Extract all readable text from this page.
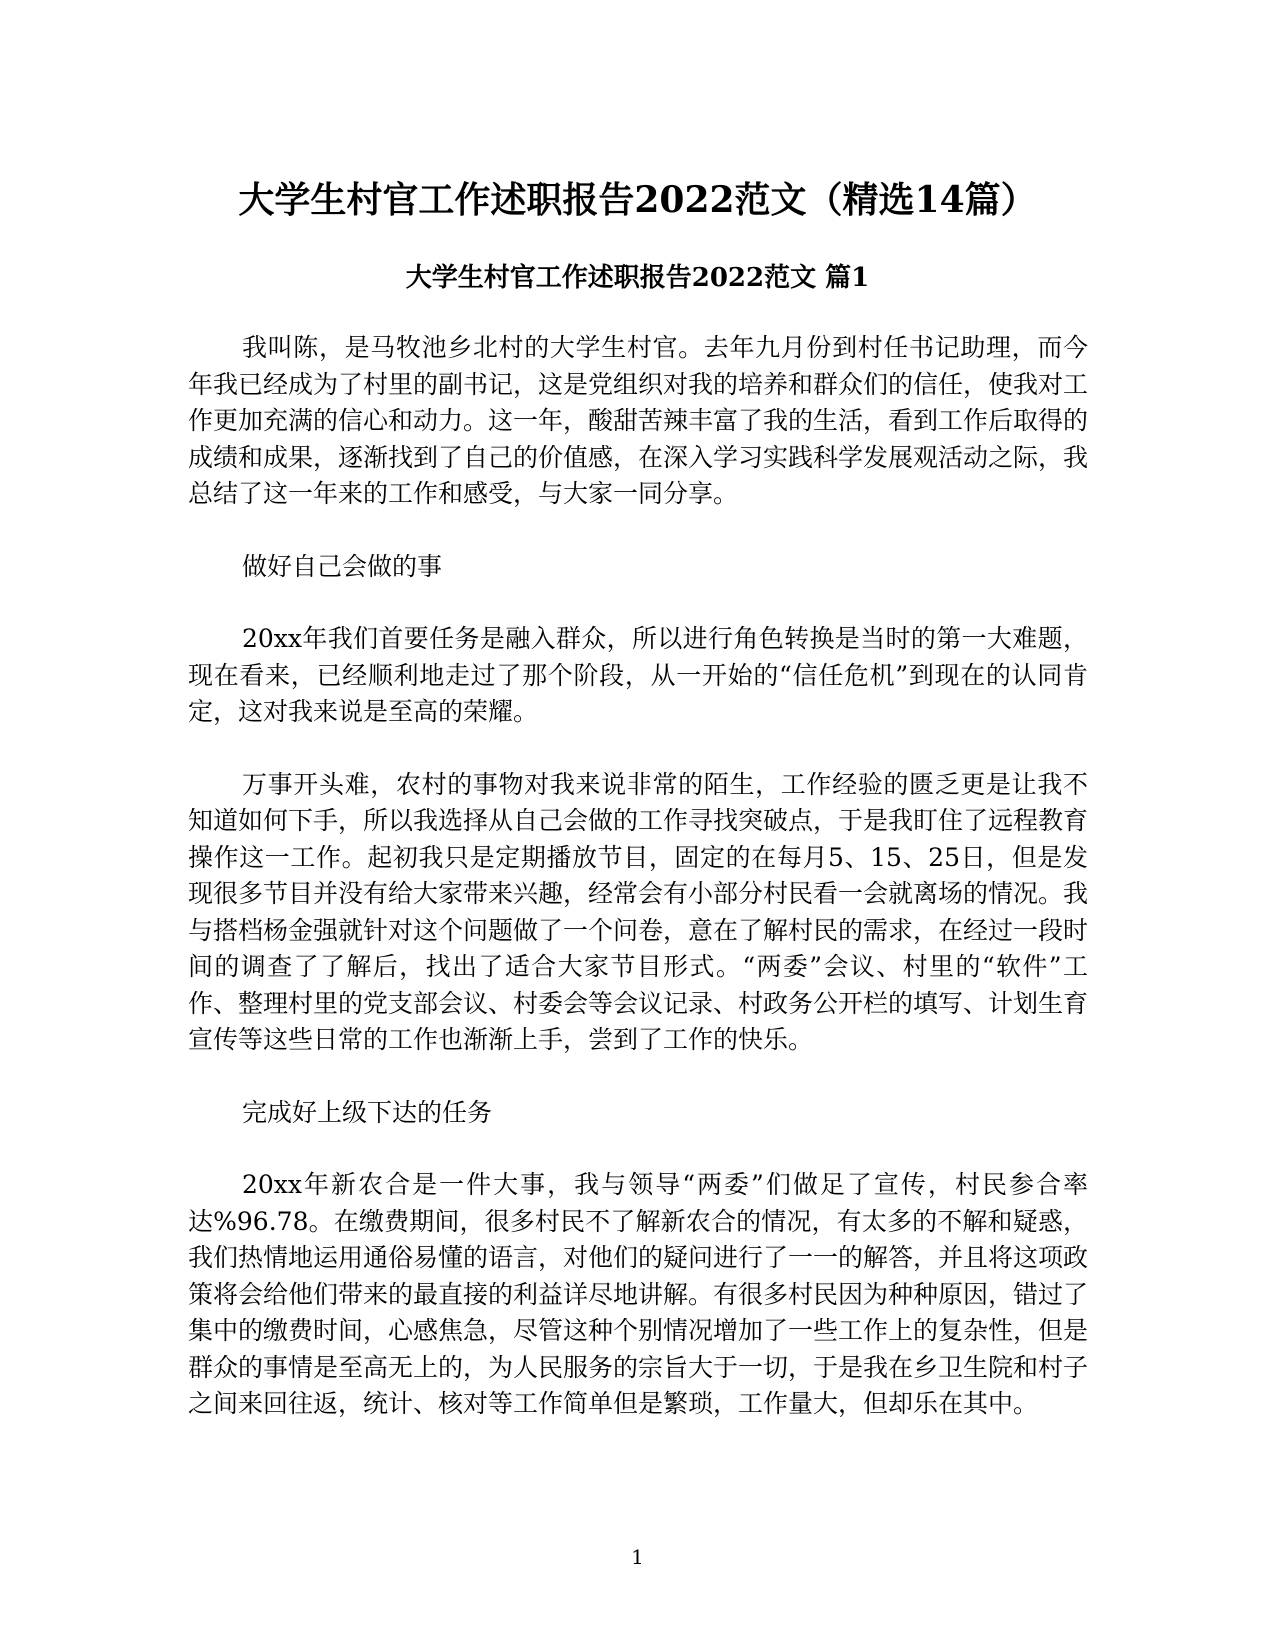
大学生村官工作述职报告2022范文（精选14篇）
大学生村官工作述职报告2022范文 篇1

我叫陈，是马牧池乡北村的大学生村官。去年九月份到村任书记助理，而今年我已经成为了村里的副书记，这是党组织对我的培养和群众们的信任，使我对工作更加充满的信心和动力。这一年，酸甜苦辣丰富了我的生活，看到工作后取得的成绩和成果，逐渐找到了自己的价值感，在深入学习实践科学发展观活动之际，我总结了这一年来的工作和感受，与大家一同分享。

做好自己会做的事

20xx年我们首要任务是融入群众，所以进行角色转换是当时的第一大难题，现在看来，已经顺利地走过了那个阶段，从一开始的“信任危机”到现在的认同肯定，这对我来说是至高的荣耀。

万事开头难，农村的事物对我来说非常的陌生，工作经验的匮乏更是让我不知道如何下手，所以我选择从自己会做的工作寻找突破点，于是我盯住了远程教育操作这一工作。起初我只是定期播放节目，固定的在每月5、15、25日，但是发现很多节目并没有给大家带来兴趣，经常会有小部分村民看一会就离场的情况。我与搭档杨金强就针对这个问题做了一个问卷，意在了解村民的需求，在经过一段时间的调查了了解后，找出了适合大家节目形式。“两委”会议、村里的“软件”工作、整理村里的党支部会议、村委会等会议记录、村政务公开栏的填写、计划生育宣传等这些日常的工作也渐渐上手，尝到了工作的快乐。

完成好上级下达的任务

20xx年新农合是一件大事，我与领导“两委”们做足了宣传，村民参合率达%96.78。在缴费期间，很多村民不了解新农合的情况，有太多的不解和疑惑，我们热情地运用通俗易懂的语言，对他们的疑问进行了一一的解答，并且将这项政策将会给他们带来的最直接的利益详尽地讲解。有很多村民因为种种原因，错过了集中的缴费时间，心感焦急，尽管这种个别情况增加了一些工作上的复杂性，但是群众的事情是至高无上的，为人民服务的宗旨大于一切，于是我在乡卫生院和村子之间来回往返，统计、核对等工作简单但是繁琐，工作量大，但却乐在其中。

1
